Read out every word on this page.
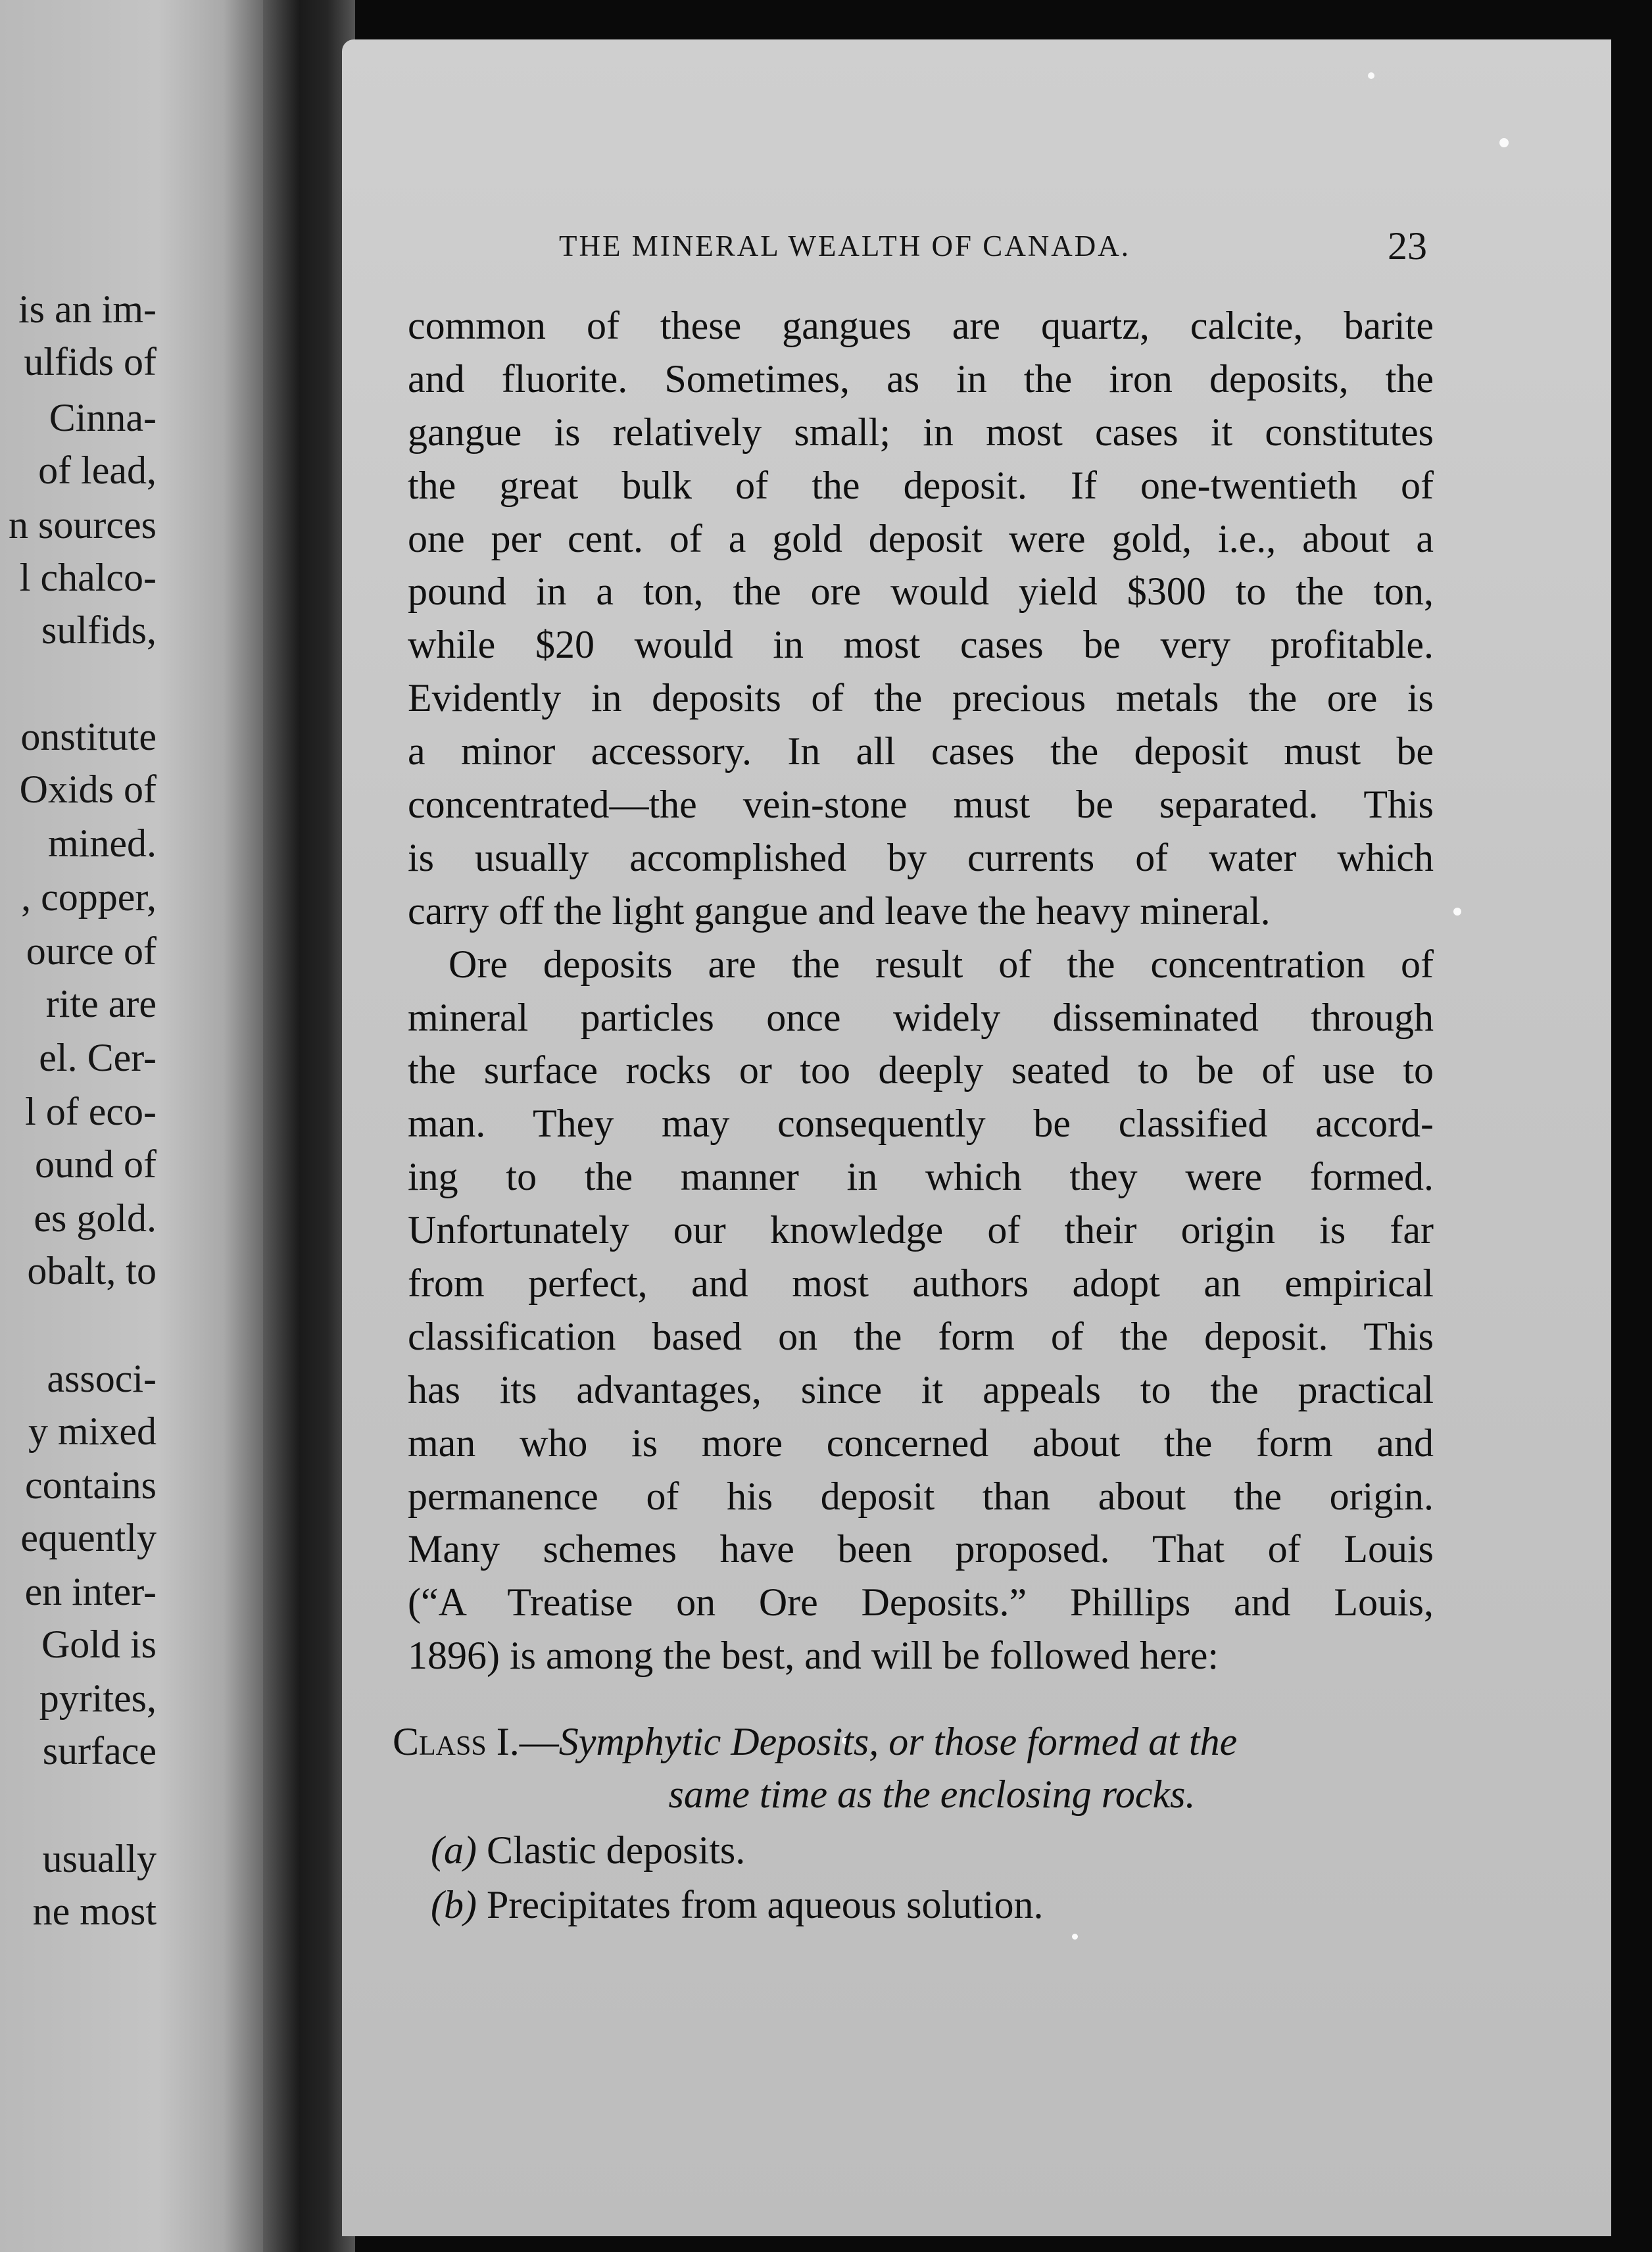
is an im-
ulfids of
Cinna-
of lead,
n sources
l chalco-
sulfids,
onstitute
Oxids of
mined.
, copper,
ource of
rite are
el. Cer-
l of eco-
ound of
es gold.
obalt, to
associ-
y mixed
contains
equently
en inter-
Gold is
pyrites,
surface
usually
ne most
THE MINERAL WEALTH OF CANADA.	23
common of these gangues are quartz, calcite, barite
and fluorite. Sometimes, as in the iron deposits, the
gangue is relatively small; in most cases it constitutes
the great bulk of the deposit. If one-twentieth of
one per cent. of a gold deposit were gold, i.e., about a
pound in a ton, the ore would yield $300 to the ton,
while $20 would in most cases be very profitable.
Evidently in deposits of the precious metals the ore is
a minor accessory. In all cases the deposit must be
concentrated—the vein-stone must be separated. This
is usually accomplished by currents of water which
carry off the light gangue and leave the heavy mineral.
Ore deposits are the result of the concentration of
mineral particles once widely disseminated through
the surface rocks or too deeply seated to be of use to
man. They may consequently be classified accord-
ing to the manner in which they were formed.
Unfortunately our knowledge of their origin is far
from perfect, and most authors adopt an empirical
classification based on the form of the deposit. This
has its advantages, since it appeals to the practical
man who is more concerned about the form and
permanence of his deposit than about the origin.
Many schemes have been proposed. That of Louis
(“A Treatise on Ore Deposits.” Phillips and Louis,
1896) is among the best, and will be followed here:
Class I.—Symphytic Deposits, or those formed at the
same time as the enclosing rocks.
(a) Clastic deposits.
(b) Precipitates from aqueous solution.
